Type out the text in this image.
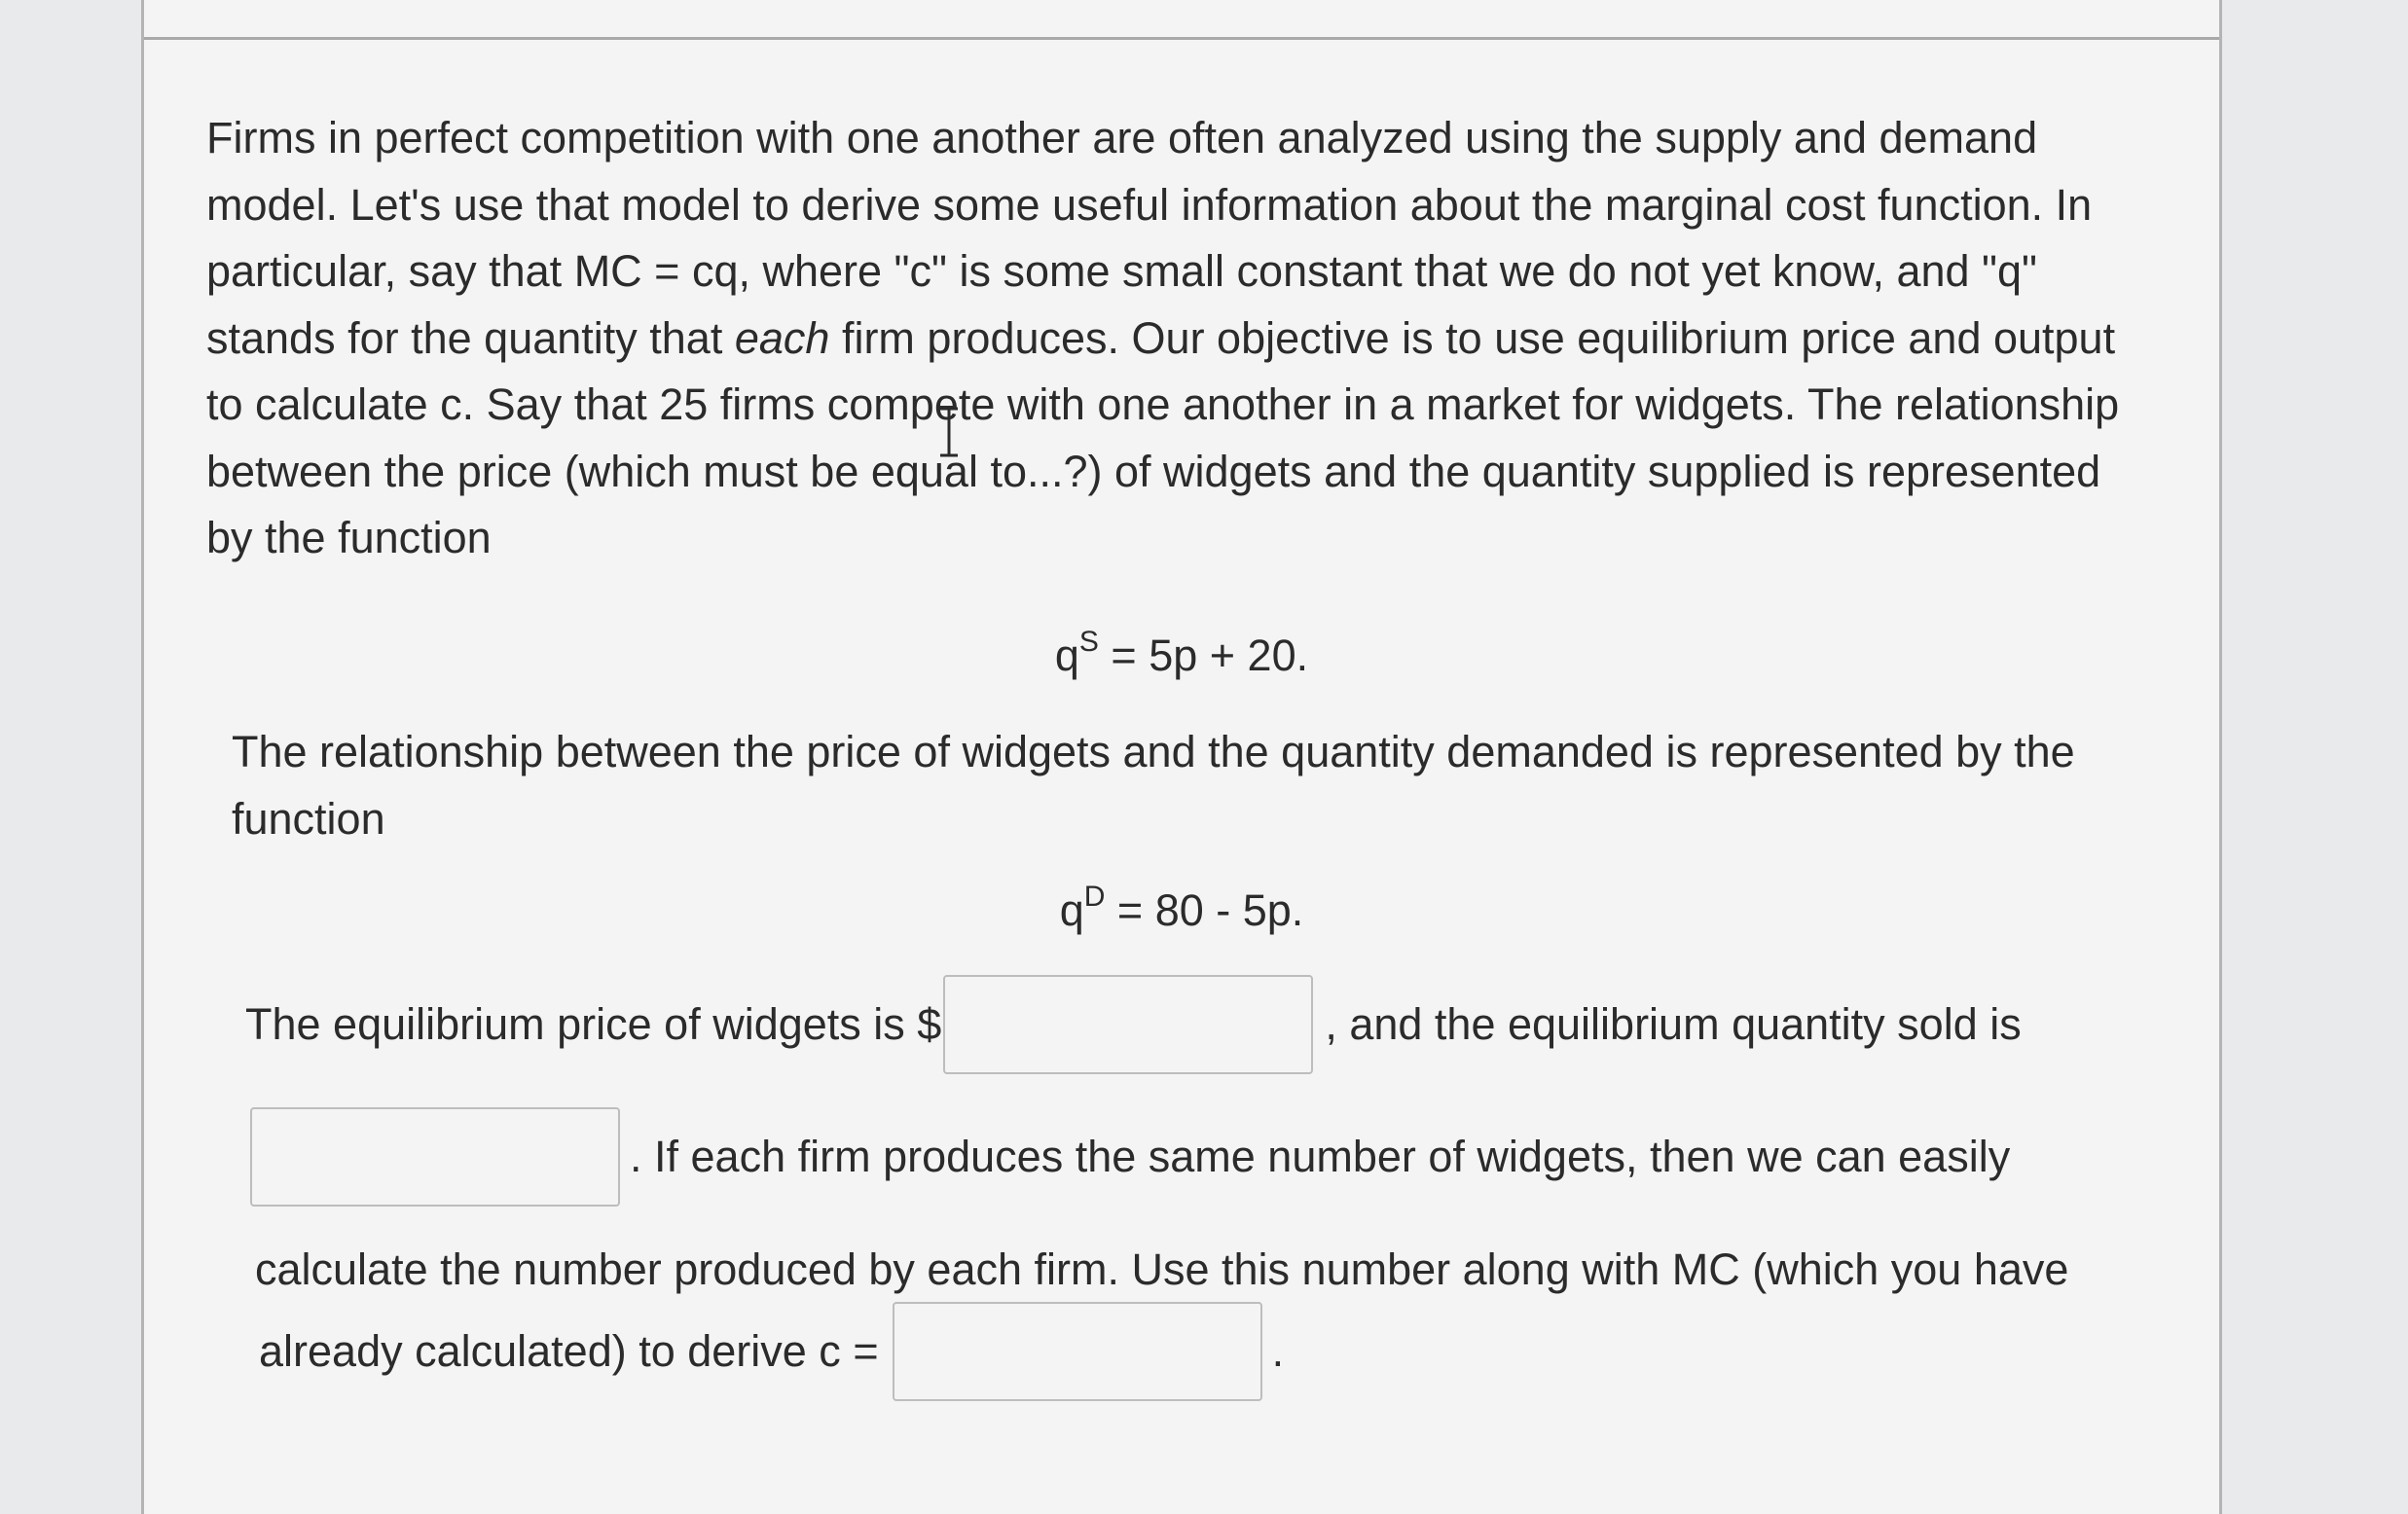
Firms in perfect competition with one another are often analyzed using the supply and demand model. Let's use that model to derive some useful information about the marginal cost function. In particular, say that MC = cq, where "c" is some small constant that we do not yet know, and "q" stands for the quantity that each firm produces. Our objective is to use equilibrium price and output to calculate c. Say that 25 firms compete with one another in a market for widgets. The relationship between the price (which must be equal to...?) of widgets and the quantity supplied is represented by the function

$q^S = 5p + 20$.
The relationship between the price of widgets and the quantity demanded is represented by the function
$q^D = 80 - 5p$.
The equilibrium price of widgets is $	, and the equilibrium quantity sold is
. If each firm produces the same number of widgets, then we can easily
calculate the number produced by each firm. Use this number along with MC (which you have
already calculated) to derive c =	.
